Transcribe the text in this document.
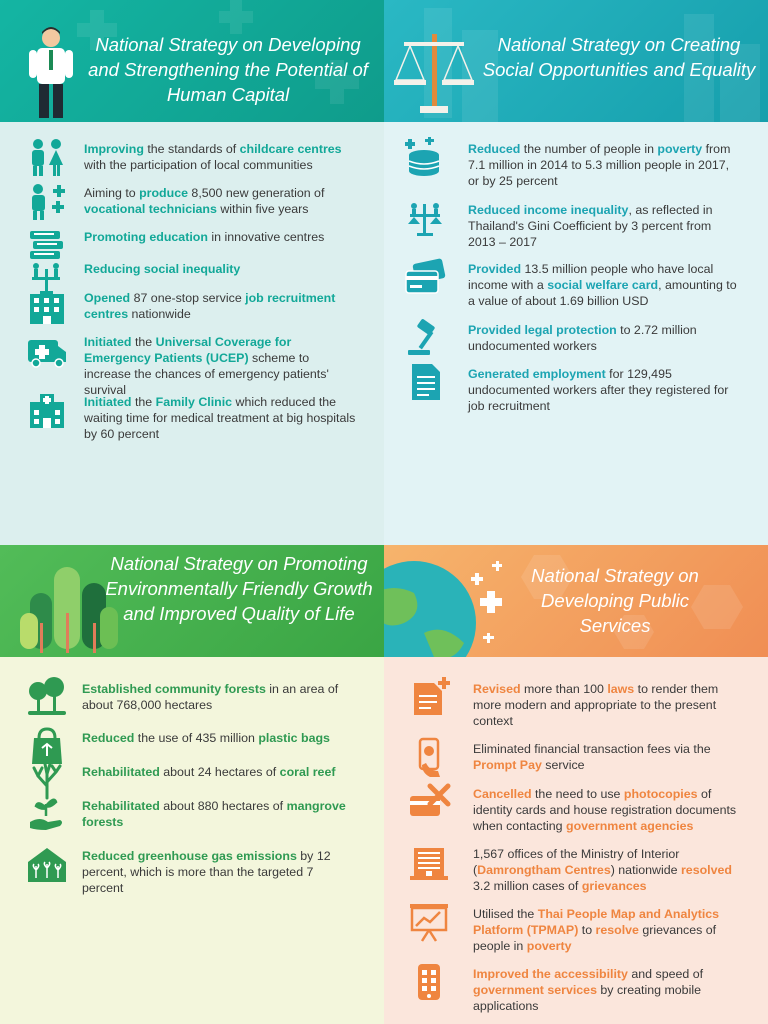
National Strategy on Developing and Strengthening the Potential of Human Capital
Improving the standards of childcare centres with the participation of local communities
Aiming to produce 8,500 new generation of vocational technicians within five years
Promoting education in innovative centres
Reducing social inequality
Opened 87 one-stop service job recruitment centres nationwide
Initiated the Universal Coverage for Emergency Patients (UCEP) scheme to increase the chances of emergency patients' survival
Initiated the Family Clinic which reduced the waiting time for medical treatment at big hospitals by 60 percent
National Strategy on Creating Social Opportunities and Equality
Reduced the number of people in poverty from 7.1 million in 2014 to 5.3 million people in 2017, or by 25 percent
Reduced income inequality, as reflected in Thailand's Gini Coefficient by 3 percent from 2013 – 2017
Provided 13.5 million people who have local income with a social welfare card, amounting to a value of about 1.69 billion USD
Provided legal protection to 2.72 million undocumented workers
Generated employment for 129,495 undocumented workers after they registered for job recruitment
National Strategy on Promoting Environmentally Friendly Growth and Improved Quality of Life
Established community forests in an area of about 768,000 hectares
Reduced the use of 435 million plastic bags
Rehabilitated about 24 hectares of coral reef
Rehabilitated about 880 hectares of mangrove forests
Reduced greenhouse gas emissions by 12 percent, which is more than the targeted 7 percent
National Strategy on Developing Public Services
Revised more than 100 laws to render them more modern and appropriate to the present context
Eliminated financial transaction fees via the Prompt Pay service
Cancelled the need to use photocopies of identity cards and house registration documents when contacting government agencies
1,567 offices of the Ministry of Interior (Damrongtham Centres) nationwide resolved 3.2 million cases of grievances
Utilised the Thai People Map and Analytics Platform (TPMAP) to resolve grievances of people in poverty
Improved the accessibility and speed of government services by creating mobile applications
